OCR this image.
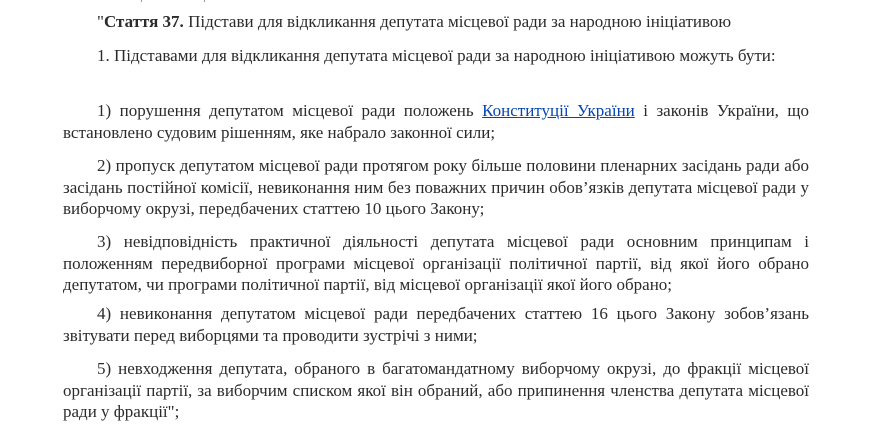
"Стаття 37. Підстави для відкликання депутата місцевої ради за народною ініціативою

1. Підставами для відкликання депутата місцевої ради за народною ініціативою можуть бути:

1) порушення депутатом місцевої ради положень Конституції України і законів України, що встановлено судовим рішенням, яке набрало законної сили;

2) пропуск депутатом місцевої ради протягом року більше половини пленарних засідань ради або засідань постійної комісії, невиконання ним без поважних причин обов’язків депутата місцевої ради у виборчому окрузі, передбачених статтею 10 цього Закону;

3) невідповідність практичної діяльності депутата місцевої ради основним принципам і положенням передвиборної програми місцевої організації політичної партії, від якої його обрано депутатом, чи програми політичної партії, від місцевої організації якої його обрано;

4) невиконання депутатом місцевої ради передбачених статтею 16 цього Закону зобов’язань звітувати перед виборцями та проводити зустрічі з ними;

5) невходження депутата, обраного в багатомандатному виборчому окрузі, до фракції місцевої організації партії, за виборчим списком якої він обраний, або припинення членства депутата місцевої ради у фракції";
